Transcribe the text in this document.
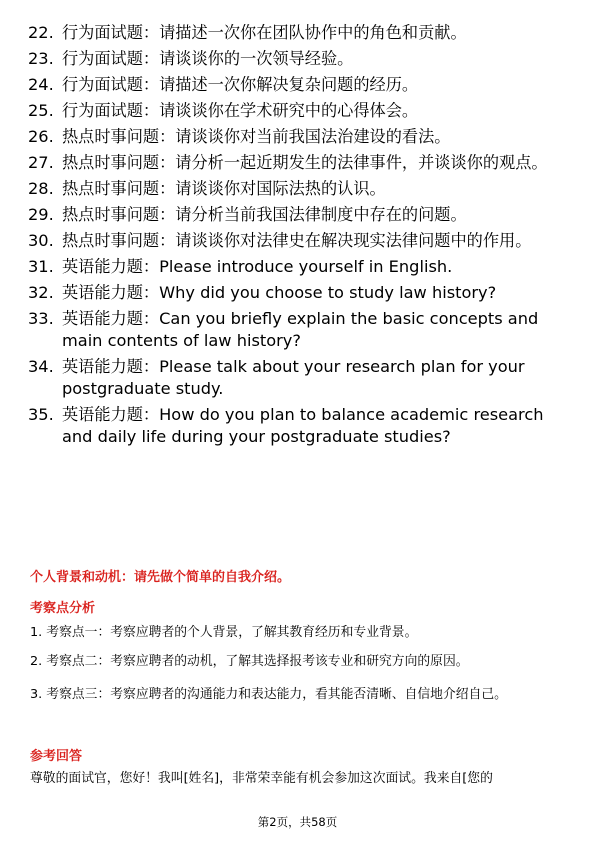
22. 行为面试题：请描述一次你在团队协作中的角色和贡献。
23. 行为面试题：请谈谈你的一次领导经验。
24. 行为面试题：请描述一次你解决复杂问题的经历。
25. 行为面试题：请谈谈你在学术研究中的心得体会。
26. 热点时事问题：请谈谈你对当前我国法治建设的看法。
27. 热点时事问题：请分析一起近期发生的法律事件，并谈谈你的观点。
28. 热点时事问题：请谈谈你对国际法热的认识。
29. 热点时事问题：请分析当前我国法律制度中存在的问题。
30. 热点时事问题：请谈谈你对法律史在解决现实法律问题中的作用。
31. 英语能力题：Please introduce yourself in English.
32. 英语能力题：Why did you choose to study law history?
33. 英语能力题：Can you briefly explain the basic concepts and main contents of law history?
34. 英语能力题：Please talk about your research plan for your postgraduate study.
35. 英语能力题：How do you plan to balance academic research and daily life during your postgraduate studies?
个人背景和动机：请先做个简单的自我介绍。
考察点分析
1. 考察点一：考察应聘者的个人背景，了解其教育经历和专业背景。
2. 考察点二：考察应聘者的动机，了解其选择报考该专业和研究方向的原因。
3. 考察点三：考察应聘者的沟通能力和表达能力，看其能否清晰、自信地介绍自己。
参考回答
尊敬的面试官，您好！我叫[姓名]，非常荣幸能有机会参加这次面试。我来自[您的
第2页，共58页
